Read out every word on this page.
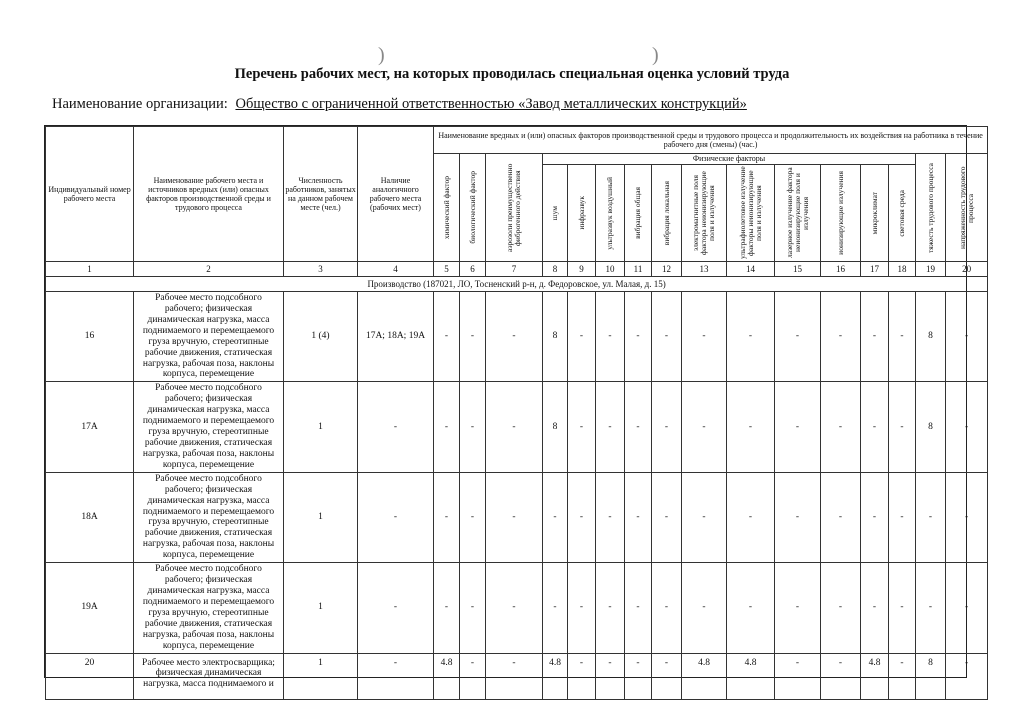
)	)
Перечень рабочих мест, на которых проводилась специальная оценка условий труда
Наименование организации: Общество с ограниченной ответственностью «Завод металлических конструкций»
Индивидуальный номер рабочего места	Наименование рабочего места и источников вредных (или) опасных факторов производственной среды и трудового процесса	Численность работников, занятых на данном рабочем месте (чел.)	Наличие аналогичного рабочего места (рабочих мест)	Наименование вредных и (или) опасных факторов производственной среды и трудового процесса и продолжительность их воздействия на работника в течение рабочего дня (смены) (час.)															

				химический фактор	биологический фактор	аэрозоли преимущественно фиброгенного действия	Физические факторы											тяжесть трудового процесса	напряженность трудового процесса

							шум	инфразвук	ультразвук воздушный	вибрация общая	вибрация локальная	электромагнитные поля фактора неионизирующие поля и излучения	ультрафиолетовое излучение факторы неионизирующие поля и излучения	лазерное излучение фактора неионизирующие поля и излучения	ионизирующие излучения	микроклимат	световая среда		

1	2	3	4	5	6	7	8	9	10	11	12	13	14	15	16	17	18	19	20
Производство (187021, ЛО, Тосненский р-н, д. Федоровское, ул. Малая, д. 15)																			
16	Рабочее место подсобного рабочего; физическая динамическая нагрузка, масса поднимаемого и перемещаемого груза вручную, стереотипные рабочие движения, статическая нагрузка, рабочая поза, наклоны корпуса, перемещение	1 (4)	17А; 18А; 19А	-	-	-	8	-	-	-	-	-	-	-	-	-	-	8	-
17А	Рабочее место подсобного рабочего; физическая динамическая нагрузка, масса поднимаемого и перемещаемого груза вручную, стереотипные рабочие движения, статическая нагрузка, рабочая поза, наклоны корпуса, перемещение	1	-	-	-	-	8	-	-	-	-	-	-	-	-	-	-	8	-
18А	Рабочее место подсобного рабочего; физическая динамическая нагрузка, масса поднимаемого и перемещаемого груза вручную, стереотипные рабочие движения, статическая нагрузка, рабочая поза, наклоны корпуса, перемещение	1	-	-	-	-	-	-	-	-	-	-	-	-	-	-	-	-	-
19А	Рабочее место подсобного рабочего; физическая динамическая нагрузка, масса поднимаемого и перемещаемого груза вручную, стереотипные рабочие движения, статическая нагрузка, рабочая поза, наклоны корпуса, перемещение	1	-	-	-	-	-	-	-	-	-	-	-	-	-	-	-	-	-
20	Рабочее место электросварщика; физическая динамическая нагрузка, масса поднимаемого и	1	-	4.8	-	-	4.8	-	-	-	-	4.8	4.8	-	-	4.8	-	8	-
